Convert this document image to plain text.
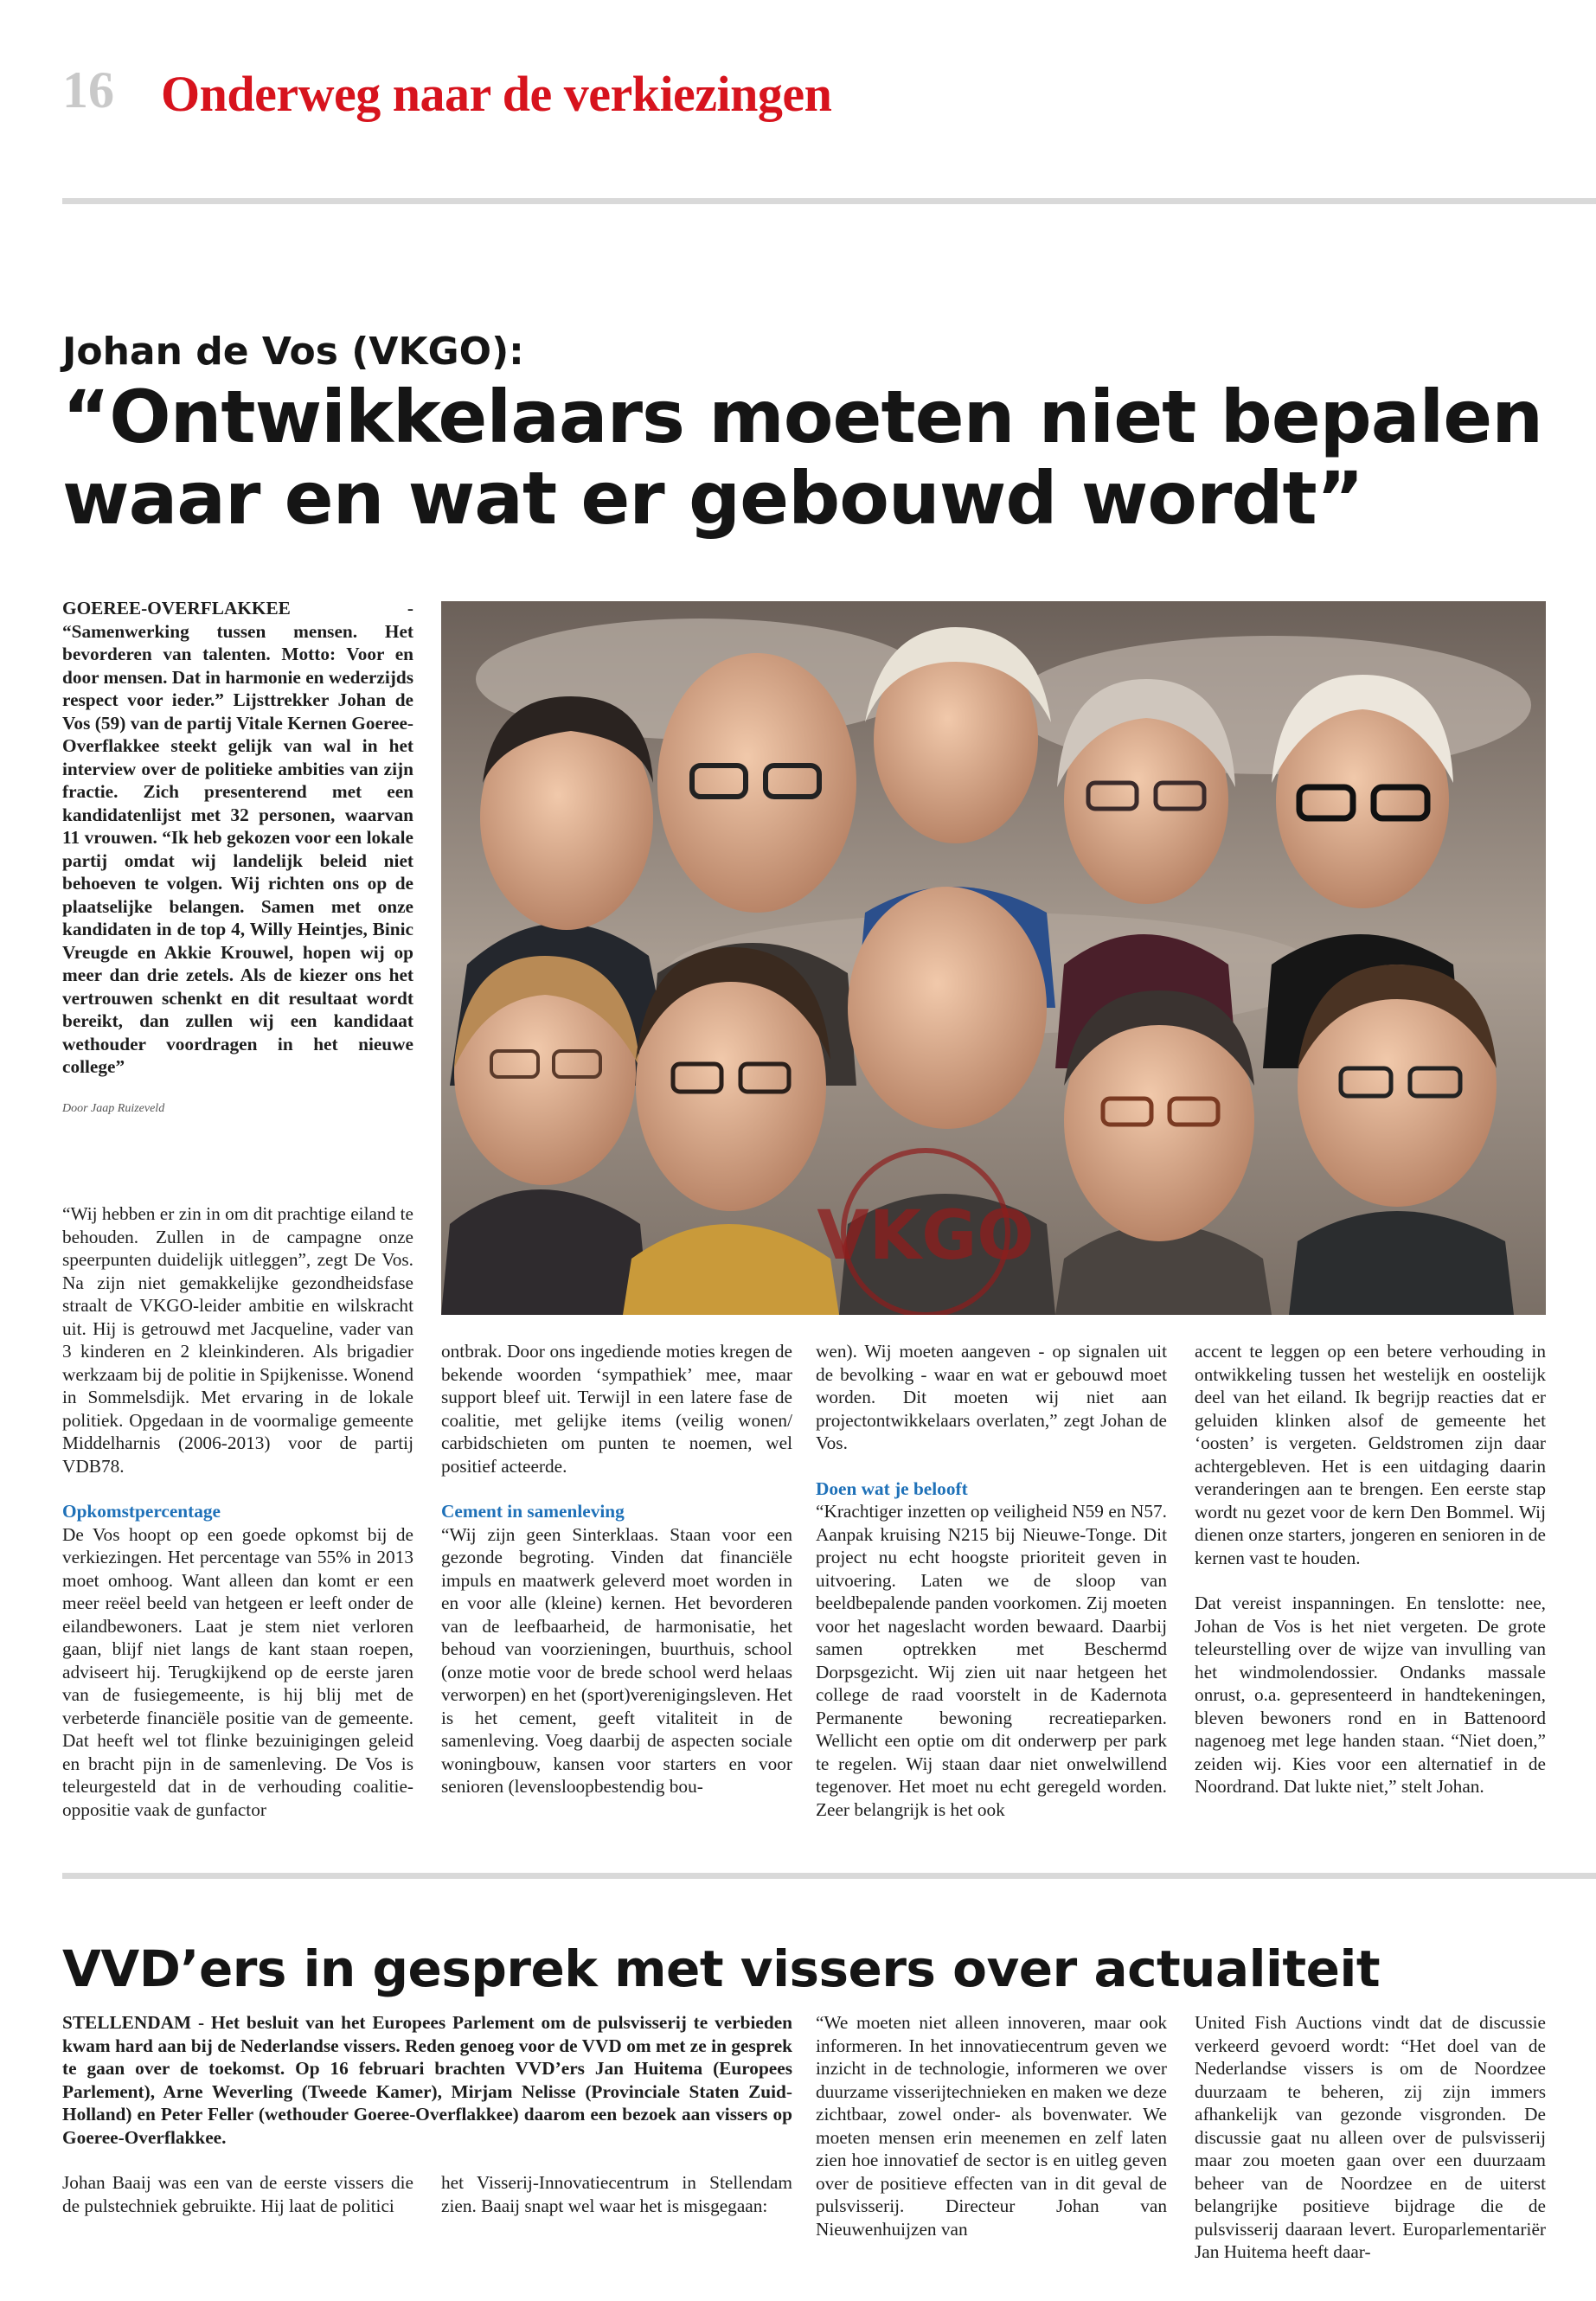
16 Onderweg naar de verkiezingen
Johan de Vos (VKGO):
“Ontwikkelaars moeten niet bepalen
waar en wat er gebouwd wordt”

GOEREE-OVERFLAKKEE - “Samenwerking tussen mensen. Het bevorderen van talenten. Motto: Voor en door mensen. Dat in harmonie en wederzijds respect voor ieder.” Lijsttrekker Johan de Vos (59) van de partij Vitale Kernen Goeree-Overflakkee steekt gelijk van wal in het interview over de politieke ambities van zijn fractie. Zich presenterend met een kandidatenlijst met 32 personen, waarvan 11 vrouwen. “Ik heb gekozen voor een lokale partij omdat wij landelijk beleid niet behoeven te volgen. Wij richten ons op de plaatselijke belangen. Samen met onze kandidaten in de top 4, Willy Heintjes, Binic Vreugde en Akkie Krouwel, hopen wij op meer dan drie zetels. Als de kiezer ons het vertrouwen schenkt en dit resultaat wordt bereikt, dan zullen wij een kandidaat wethouder voordragen in het nieuwe college”

Door Jaap Ruizeveld

VKGO

“Wij hebben er zin in om dit prachtige eiland te behouden. Zullen in de campagne onze speerpunten duidelijk uitleggen”, zegt De Vos. Na zijn niet gemakkelijke gezondheidsfase straalt de VKGO-leider ambitie en wilskracht uit. Hij is getrouwd met Jacqueline, vader van 3 kinderen en 2 kleinkinderen. Als brigadier werkzaam bij de politie in Spijkenisse. Wonend in Sommelsdijk. Met ervaring in de lokale politiek. Opgedaan in de voormalige gemeente Middelharnis (2006-2013) voor de partij VDB78.

Opkomstpercentage
De Vos hoopt op een goede opkomst bij de verkiezingen. Het percentage van 55% in 2013 moet omhoog. Want alleen dan komt er een meer reëel beeld van hetgeen er leeft onder de eilandbewoners. Laat je stem niet verloren gaan, blijf niet langs de kant staan roepen, adviseert hij. Terugkijkend op de eerste jaren van de fusiegemeente, is hij blij met de verbeterde financiële positie van de gemeente. Dat heeft wel tot flinke bezuinigingen geleid en bracht pijn in de samenleving. De Vos is teleurgesteld dat in de verhouding coalitie-oppositie vaak de gunfactor

ontbrak. Door ons ingediende moties kregen de bekende woorden ‘sympathiek’ mee, maar support bleef uit. Terwijl in een latere fase de coalitie, met gelijke items (veilig wonen/ carbidschieten om punten te noemen, wel positief acteerde.

Cement in samenleving
“Wij zijn geen Sinterklaas. Staan voor een gezonde begroting. Vinden dat financiële impuls en maatwerk geleverd moet worden in en voor alle (kleine) kernen. Het bevorderen van de leefbaarheid, de harmonisatie, het behoud van voorzieningen, buurthuis, school (onze motie voor de brede school werd helaas verworpen) en het (sport)verenigingsleven. Het is het cement, geeft vitaliteit in de samenleving. Voeg daarbij de aspecten sociale woningbouw, kansen voor starters en voor senioren (levensloopbestendig bou-

wen). Wij moeten aangeven - op signalen uit de bevolking - waar en wat er gebouwd moet worden. Dit moeten wij niet aan projectontwikkelaars overlaten,” zegt Johan de Vos.

Doen wat je belooft
“Krachtiger inzetten op veiligheid N59 en N57. Aanpak kruising N215 bij Nieuwe-Tonge. Dit project nu echt hoogste prioriteit geven in uitvoering. Laten we de sloop van beeldbepalende panden voorkomen. Zij moeten voor het nageslacht worden bewaard. Daarbij samen optrekken met Beschermd Dorpsgezicht. Wij zien uit naar hetgeen het college de raad voorstelt in de Kadernota Permanente bewoning recreatieparken. Wellicht een optie om dit onderwerp per park te regelen. Wij staan daar niet onwelwillend tegenover. Het moet nu echt geregeld worden. Zeer belangrijk is het ook

accent te leggen op een betere verhouding in ontwikkeling tussen het westelijk en oostelijk deel van het eiland. Ik begrijp reacties dat er geluiden klinken alsof de gemeente het ‘oosten’ is vergeten. Geldstromen zijn daar achtergebleven. Het is een uitdaging daarin veranderingen aan te brengen. Een eerste stap wordt nu gezet voor de kern Den Bommel. Wij dienen onze starters, jongeren en senioren in de kernen vast te houden.

Dat vereist inspanningen. En tenslotte: nee, Johan de Vos is het niet vergeten. De grote teleurstelling over de wijze van invulling van het windmolendossier. Ondanks massale onrust, o.a. gepresenteerd in handtekeningen, bleven bewoners rond en in Battenoord nagenoeg met lege handen staan. “Niet doen,” zeiden wij. Kies voor een alternatief in de Noordrand. Dat lukte niet,” stelt Johan.

VVD’ers in gesprek met vissers over actualiteit

STELLENDAM - Het besluit van het Europees Parlement om de pulsvisserij te verbieden kwam hard aan bij de Nederlandse vissers. Reden genoeg voor de VVD om met ze in gesprek te gaan over de toekomst. Op 16 februari brachten VVD’ers Jan Huitema (Europees Parlement), Arne Weverling (Tweede Kamer), Mirjam Nelisse (Provinciale Staten Zuid-Holland) en Peter Feller (wethouder Goeree-Overflakkee) daarom een bezoek aan vissers op Goeree-Overflakkee.

Johan Baaij was een van de eerste vissers die de pulstechniek gebruikte. Hij laat de politici

het Visserij-Innovatiecentrum in Stellendam zien. Baaij snapt wel waar het is misgegaan:

“We moeten niet alleen innoveren, maar ook informeren. In het innovatiecentrum geven we inzicht in de technologie, informeren we over duurzame visserijtechnieken en maken we deze zichtbaar, zowel onder- als bovenwater. We moeten mensen erin meenemen en zelf laten zien hoe innovatief de sector is en uitleg geven over de positieve effecten van in dit geval de pulsvisserij. Directeur Johan van Nieuwenhuijzen van
United Fish Auctions vindt dat de discussie verkeerd gevoerd wordt: “Het doel van de Nederlandse vissers is om de Noordzee duurzaam te beheren, zij zijn immers afhankelijk van gezonde visgronden. De discussie gaat nu alleen over de pulsvisserij maar zou moeten gaan over een duurzaam beheer van de Noordzee en de uiterst belangrijke positieve bijdrage die de pulsvisserij daaraan levert. Europarlementariër Jan Huitema heeft daar-
